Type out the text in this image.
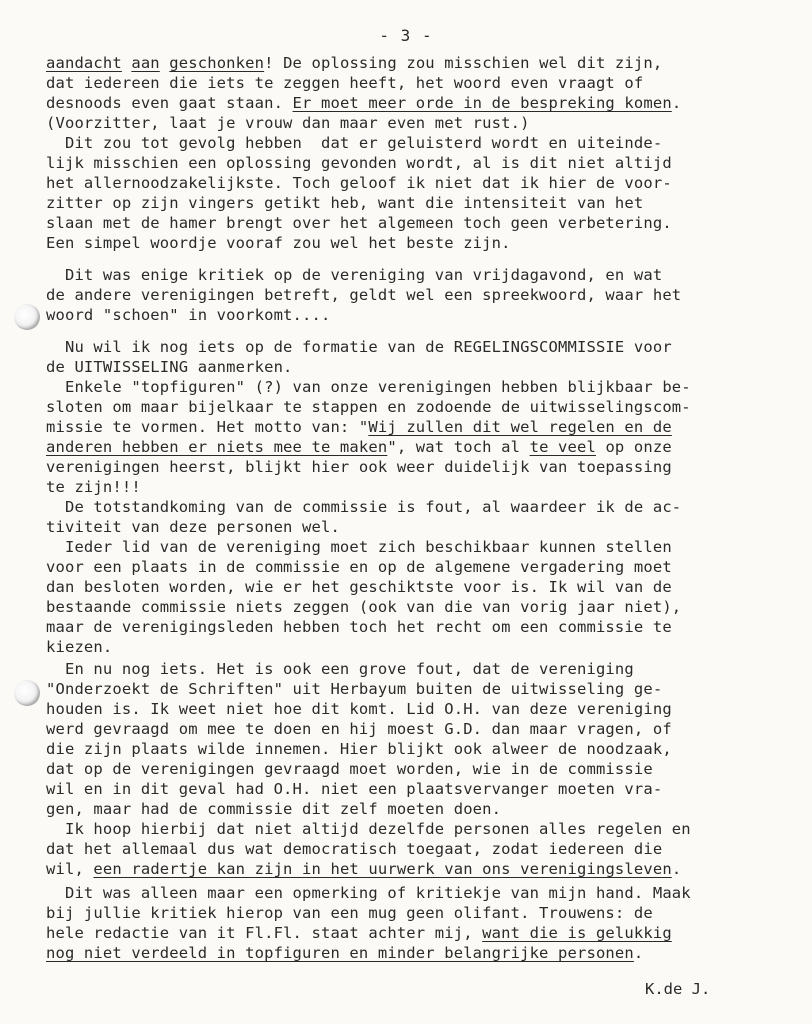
- 3 -
aandacht aan geschonken! De oplossing zou misschien wel dit zijn,
dat iedereen die iets te zeggen heeft, het woord even vraagt of
desnoods even gaat staan. Er moet meer orde in de bespreking komen.
(Voorzitter, laat je vrouw dan maar even met rust.)
Dit zou tot gevolg hebben  dat er geluisterd wordt en uiteinde-
lijk misschien een oplossing gevonden wordt, al is dit niet altijd
het allernoodzakelijkste. Toch geloof ik niet dat ik hier de voor-
zitter op zijn vingers getikt heb, want die intensiteit van het
slaan met de hamer brengt over het algemeen toch geen verbetering.
Een simpel woordje vooraf zou wel het beste zijn.
Dit was enige kritiek op de vereniging van vrijdagavond, en wat
de andere verenigingen betreft, geldt wel een spreekwoord, waar het
woord "schoen" in voorkomt....
Nu wil ik nog iets op de formatie van de REGELINGSCOMMISSIE voor
de UITWISSELING aanmerken.
Enkele "topfiguren" (?) van onze verenigingen hebben blijkbaar be-
sloten om maar bijelkaar te stappen en zodoende de uitwisselingscom-
missie te vormen. Het motto van: "Wij zullen dit wel regelen en de
anderen hebben er niets mee te maken", wat toch al te veel op onze
verenigingen heerst, blijkt hier ook weer duidelijk van toepassing
te zijn!!!
De totstandkoming van de commissie is fout, al waardeer ik de ac-
tiviteit van deze personen wel.
Ieder lid van de vereniging moet zich beschikbaar kunnen stellen
voor een plaats in de commissie en op de algemene vergadering moet
dan besloten worden, wie er het geschiktste voor is. Ik wil van de
bestaande commissie niets zeggen (ook van die van vorig jaar niet),
maar de verenigingsleden hebben toch het recht om een commissie te
kiezen.
En nu nog iets. Het is ook een grove fout, dat de vereniging
"Onderzoekt de Schriften" uit Herbayum buiten de uitwisseling ge-
houden is. Ik weet niet hoe dit komt. Lid O.H. van deze vereniging
werd gevraagd om mee te doen en hij moest G.D. dan maar vragen, of
die zijn plaats wilde innemen. Hier blijkt ook alweer de noodzaak,
dat op de verenigingen gevraagd moet worden, wie in de commissie
wil en in dit geval had O.H. niet een plaatsvervanger moeten vra-
gen, maar had de commissie dit zelf moeten doen.
Ik hoop hierbij dat niet altijd dezelfde personen alles regelen en
dat het allemaal dus wat democratisch toegaat, zodat iedereen die
wil, een radertje kan zijn in het uurwerk van ons verenigingsleven.
Dit was alleen maar een opmerking of kritiekje van mijn hand. Maak
bij jullie kritiek hierop van een mug geen olifant. Trouwens: de
hele redactie van it Fl.Fl. staat achter mij, want die is gelukkig
nog niet verdeeld in topfiguren en minder belangrijke personen.
K.de J.
